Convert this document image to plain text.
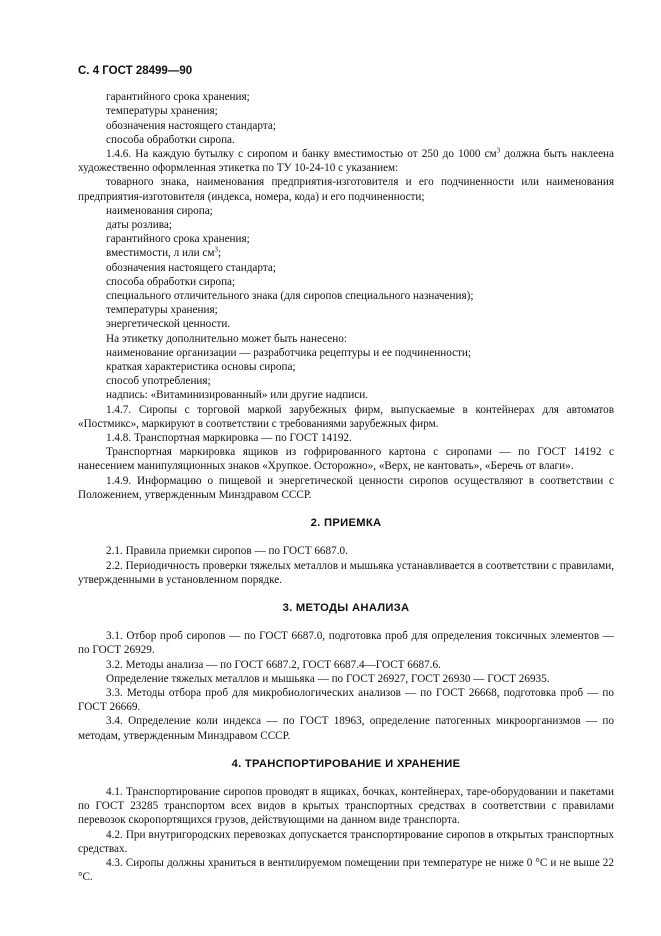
С. 4 ГОСТ 28499—90

гарантийного срока хранения;

температуры хранения;

обозначения настоящего стандарта;

способа обработки сиропа.

1.4.6. На каждую бутылку с сиропом и банку вместимостью от 250 до 1000 $см^3$ должна быть наклеена художественно оформленная этикетка по ТУ 10-24-10 с указанием:

товарного знака, наименования предприятия-изготовителя и его подчиненности или наименования предприятия-изготовителя (индекса, номера, кода) и его подчиненности;

наименования сиропа;

даты розлива;

гарантийного срока хранения;

вместимости, л или $см^3$;

обозначения настоящего стандарта;

способа обработки сиропа;

специального отличительного знака (для сиропов специального назначения);

температуры хранения;

энергетической ценности.

На этикетку дополнительно может быть нанесено:

наименование организации — разработчика рецептуры и ее подчиненности;

краткая характеристика основы сиропа;

способ употребления;

надпись: «Витаминизированный» или другие надписи.

1.4.7. Сиропы с торговой маркой зарубежных фирм, выпускаемые в контейнерах для автоматов «Постмикс», маркируют в соответствии с требованиями зарубежных фирм.

1.4.8. Транспортная маркировка — по ГОСТ 14192.

Транспортная маркировка ящиков из гофрированного картона с сиропами — по ГОСТ 14192 с нанесением манипуляционных знаков «Хрупкое. Осторожно», «Верх, не кантовать», «Беречь от влаги».

1.4.9. Информацию о пищевой и энергетической ценности сиропов осуществляют в соответствии с Положением, утвержденным Минздравом СССР.

2. ПРИЕМКА

2.1. Правила приемки сиропов — по ГОСТ 6687.0.

2.2. Периодичность проверки тяжелых металлов и мышьяка устанавливается в соответствии с правилами, утвержденными в установленном порядке.

3. МЕТОДЫ АНАЛИЗА

3.1. Отбор проб сиропов — по ГОСТ 6687.0, подготовка проб для определения токсичных элементов — по ГОСТ 26929.

3.2. Методы анализа — по ГОСТ 6687.2, ГОСТ 6687.4—ГОСТ 6687.6.

Определение тяжелых металлов и мышьяка — по ГОСТ 26927, ГОСТ 26930 — ГОСТ 26935.

3.3. Методы отбора проб для микробиологических анализов — по ГОСТ 26668, подготовка проб — по ГОСТ 26669.

3.4. Определение коли индекса — по ГОСТ 18963, определение патогенных микроорганизмов — по методам, утвержденным Минздравом СССР.

4. ТРАНСПОРТИРОВАНИЕ И ХРАНЕНИЕ

4.1. Транспортирование сиропов проводят в ящиках, бочках, контейнерах, таре-оборудовании и пакетами по ГОСТ 23285 транспортом всех видов в крытых транспортных средствах в соответствии с правилами перевозок скоропортящихся грузов, действующими на данном виде транспорта.

4.2. При внутригородских перевозках допускается транспортирование сиропов в открытых транспортных средствах.

4.3. Сиропы должны храниться в вентилируемом помещении при температуре не ниже 0 °С и не выше 22 °С.
